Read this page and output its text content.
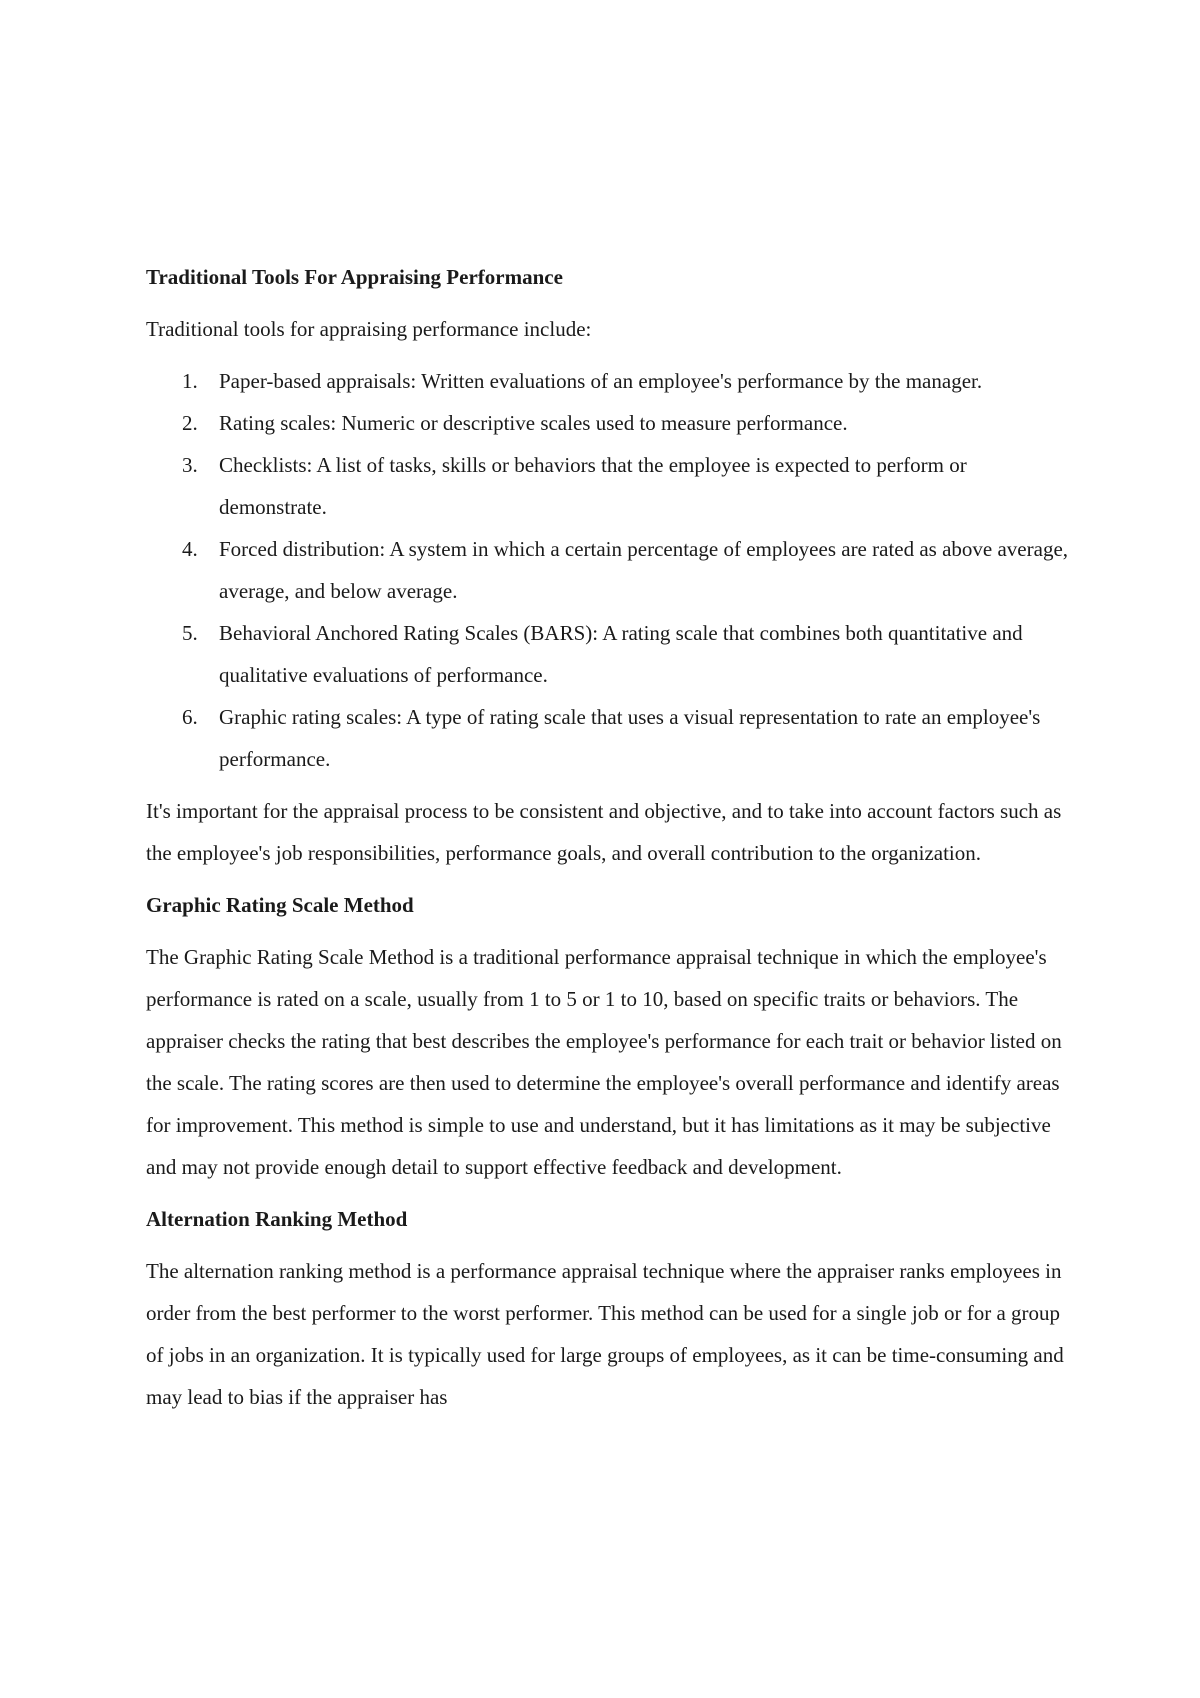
Traditional Tools For Appraising Performance

Traditional tools for appraising performance include:

1. Paper-based appraisals: Written evaluations of an employee's performance by the manager.
2. Rating scales: Numeric or descriptive scales used to measure performance.
3. Checklists: A list of tasks, skills or behaviors that the employee is expected to perform or demonstrate.
4. Forced distribution: A system in which a certain percentage of employees are rated as above average, average, and below average.
5. Behavioral Anchored Rating Scales (BARS): A rating scale that combines both quantitative and qualitative evaluations of performance.
6. Graphic rating scales: A type of rating scale that uses a visual representation to rate an employee's performance.

It's important for the appraisal process to be consistent and objective, and to take into account factors such as the employee's job responsibilities, performance goals, and overall contribution to the organization.

Graphic Rating Scale Method

The Graphic Rating Scale Method is a traditional performance appraisal technique in which the employee's performance is rated on a scale, usually from 1 to 5 or 1 to 10, based on specific traits or behaviors. The appraiser checks the rating that best describes the employee's performance for each trait or behavior listed on the scale. The rating scores are then used to determine the employee's overall performance and identify areas for improvement. This method is simple to use and understand, but it has limitations as it may be subjective and may not provide enough detail to support effective feedback and development.

Alternation Ranking Method

The alternation ranking method is a performance appraisal technique where the appraiser ranks employees in order from the best performer to the worst performer. This method can be used for a single job or for a group of jobs in an organization. It is typically used for large groups of employees, as it can be time-consuming and may lead to bias if the appraiser has
